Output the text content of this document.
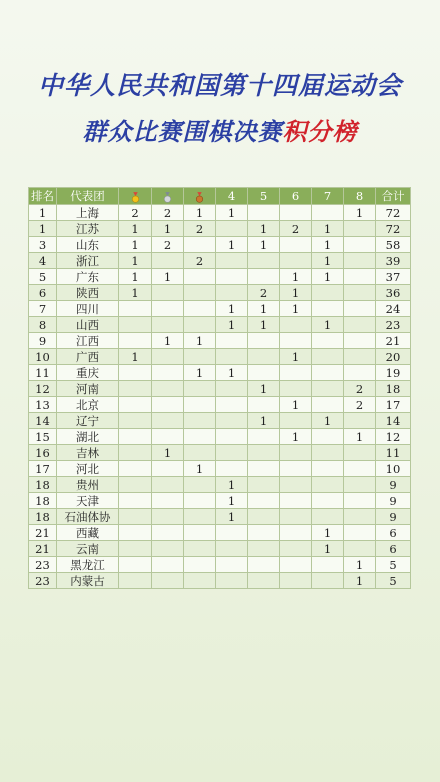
中华人民共和国第十四届运动会
群众比赛围棋决赛积分榜
排名	代表团				4	5	6	7	8	合计
1	上海	2	2	1	1				1	72
1	江苏	1	1	2		1	2	1		72
3	山东	1	2		1	1		1		58
4	浙江	1		2				1		39
5	广东	1	1				1	1		37
6	陕西	1				2	1			36
7	四川				1	1	1			24
8	山西				1	1		1		23
9	江西		1	1						21
10	广西	1					1			20
11	重庆			1	1					19
12	河南					1			2	18
13	北京						1		2	17
14	辽宁					1		1		14
15	湖北						1		1	12
16	吉林		1							11
17	河北			1						10
18	贵州				1					9
18	天津				1					9
18	石油体协				1					9
21	西藏							1		6
21	云南							1		6
23	黑龙江								1	5
23	内蒙古								1	5
